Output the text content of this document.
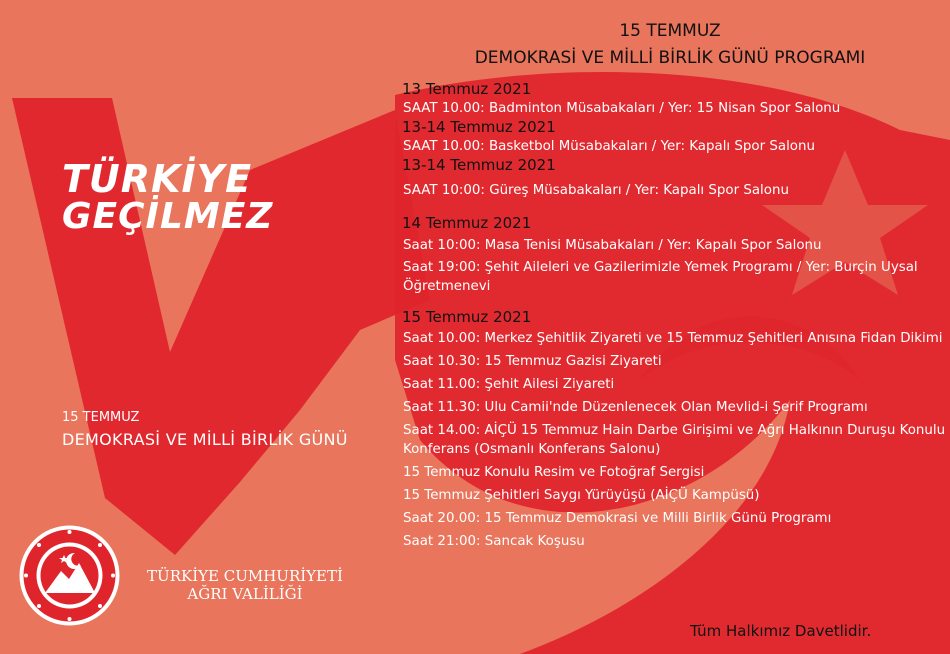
TÜRKİYE
GEÇİLMEZ
15 TEMMUZ
DEMOKRASİ VE MİLLİ BİRLİK GÜNÜ
TÜRKİYE CUMHURİYETİ
AĞRI VALİLİĞİ
15 TEMMUZ
DEMOKRASİ VE MİLLİ BİRLİK GÜNÜ PROGRAMI
13 Temmuz 2021
SAAT 10.00: Badminton Müsabakaları / Yer: 15 Nisan Spor Salonu
13-14 Temmuz 2021
SAAT 10.00: Basketbol Müsabakaları / Yer: Kapalı Spor Salonu
13-14 Temmuz 2021
SAAT 10:00: Güreş Müsabakaları / Yer: Kapalı Spor Salonu
14 Temmuz 2021
Saat 10:00: Masa Tenisi Müsabakaları / Yer: Kapalı Spor Salonu
Saat 19:00: Şehit Aileleri ve Gazilerimizle Yemek Programı / Yer: Burçin Uysal Öğretmenevi
15 Temmuz 2021
Saat 10.00: Merkez Şehitlik Ziyareti ve 15 Temmuz Şehitleri Anısına Fidan Dikimi
Saat 10.30: 15 Temmuz Gazisi Ziyareti
Saat 11.00: Şehit Ailesi Ziyareti
Saat 11.30: Ulu Camii'nde Düzenlenecek Olan Mevlid-i Şerif Programı
Saat 14.00: AİÇÜ 15 Temmuz Hain Darbe Girişimi ve Ağrı Halkının Duruşu Konulu Konferans (Osmanlı Konferans Salonu)
15 Temmuz Konulu Resim ve Fotoğraf Sergisi
15 Temmuz Şehitleri Saygı Yürüyüşü (AİÇÜ Kampüsü)
Saat 20.00: 15 Temmuz Demokrasi ve Milli Birlik Günü Programı
Saat 21:00: Sancak Koşusu
Tüm Halkımız Davetlidir.
